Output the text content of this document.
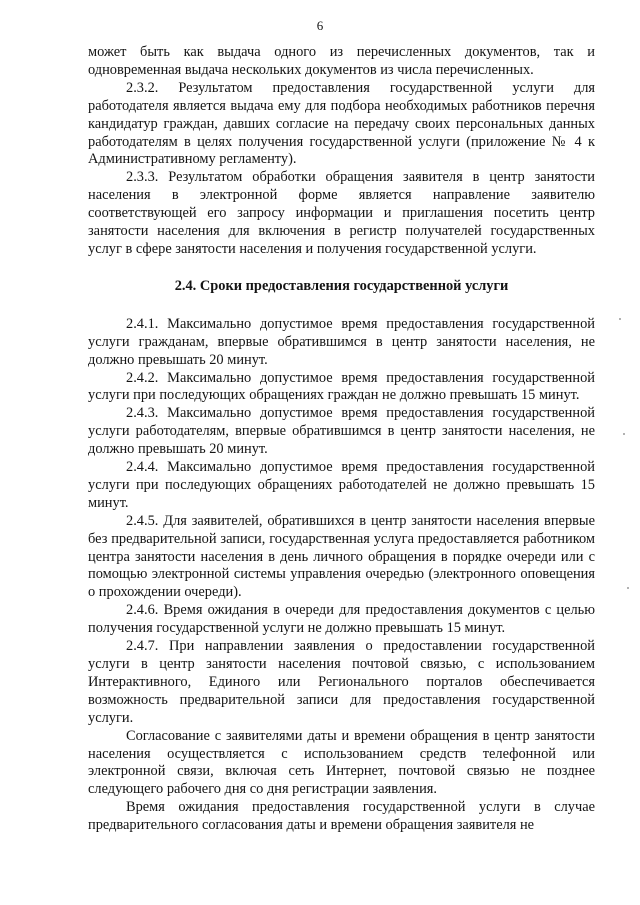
6

может быть как выдача одного из перечисленных документов, так и одновременная выдача нескольких документов из числа перечисленных.

2.3.2. Результатом предоставления государственной услуги для работодателя является выдача ему для подбора необходимых работников перечня кандидатур граждан, давших согласие на передачу своих персональных данных работодателям в целях получения государственной услуги (приложение № 4 к Административному регламенту).

2.3.3. Результатом обработки обращения заявителя в центр занятости населения в электронной форме является направление заявителю соответствующей его запросу информации и приглашения посетить центр занятости населения для включения в регистр получателей государственных услуг в сфере занятости населения и получения государственной услуги.

2.4. Сроки предоставления государственной услуги

2.4.1. Максимально допустимое время предоставления государственной услуги гражданам, впервые обратившимся в центр занятости населения, не должно превышать 20 минут.

2.4.2. Максимально допустимое время предоставления государственной услуги при последующих обращениях граждан не должно превышать 15 минут.

2.4.3. Максимально допустимое время предоставления государственной услуги работодателям, впервые обратившимся в центр занятости населения, не должно превышать 20 минут.

2.4.4. Максимально допустимое время предоставления государственной услуги при последующих обращениях работодателей не должно превышать 15 минут.

2.4.5. Для заявителей, обратившихся в центр занятости населения впервые без предварительной записи, государственная услуга предоставляется работником центра занятости населения в день личного обращения в порядке очереди или с помощью электронной системы управления очередью (электронного оповещения о прохождении очереди).

2.4.6. Время ожидания в очереди для предоставления документов с целью получения государственной услуги не должно превышать 15 минут.

2.4.7. При направлении заявления о предоставлении государственной услуги в центр занятости населения почтовой связью, с использованием Интерактивного, Единого или Регионального порталов обеспечивается возможность предварительной записи для предоставления государственной услуги.

Согласование с заявителями даты и времени обращения в центр занятости населения осуществляется с использованием средств телефонной или электронной связи, включая сеть Интернет, почтовой связью не позднее следующего рабочего дня со дня регистрации заявления.

Время ожидания предоставления государственной услуги в случае предварительного согласования даты и времени обращения заявителя не
